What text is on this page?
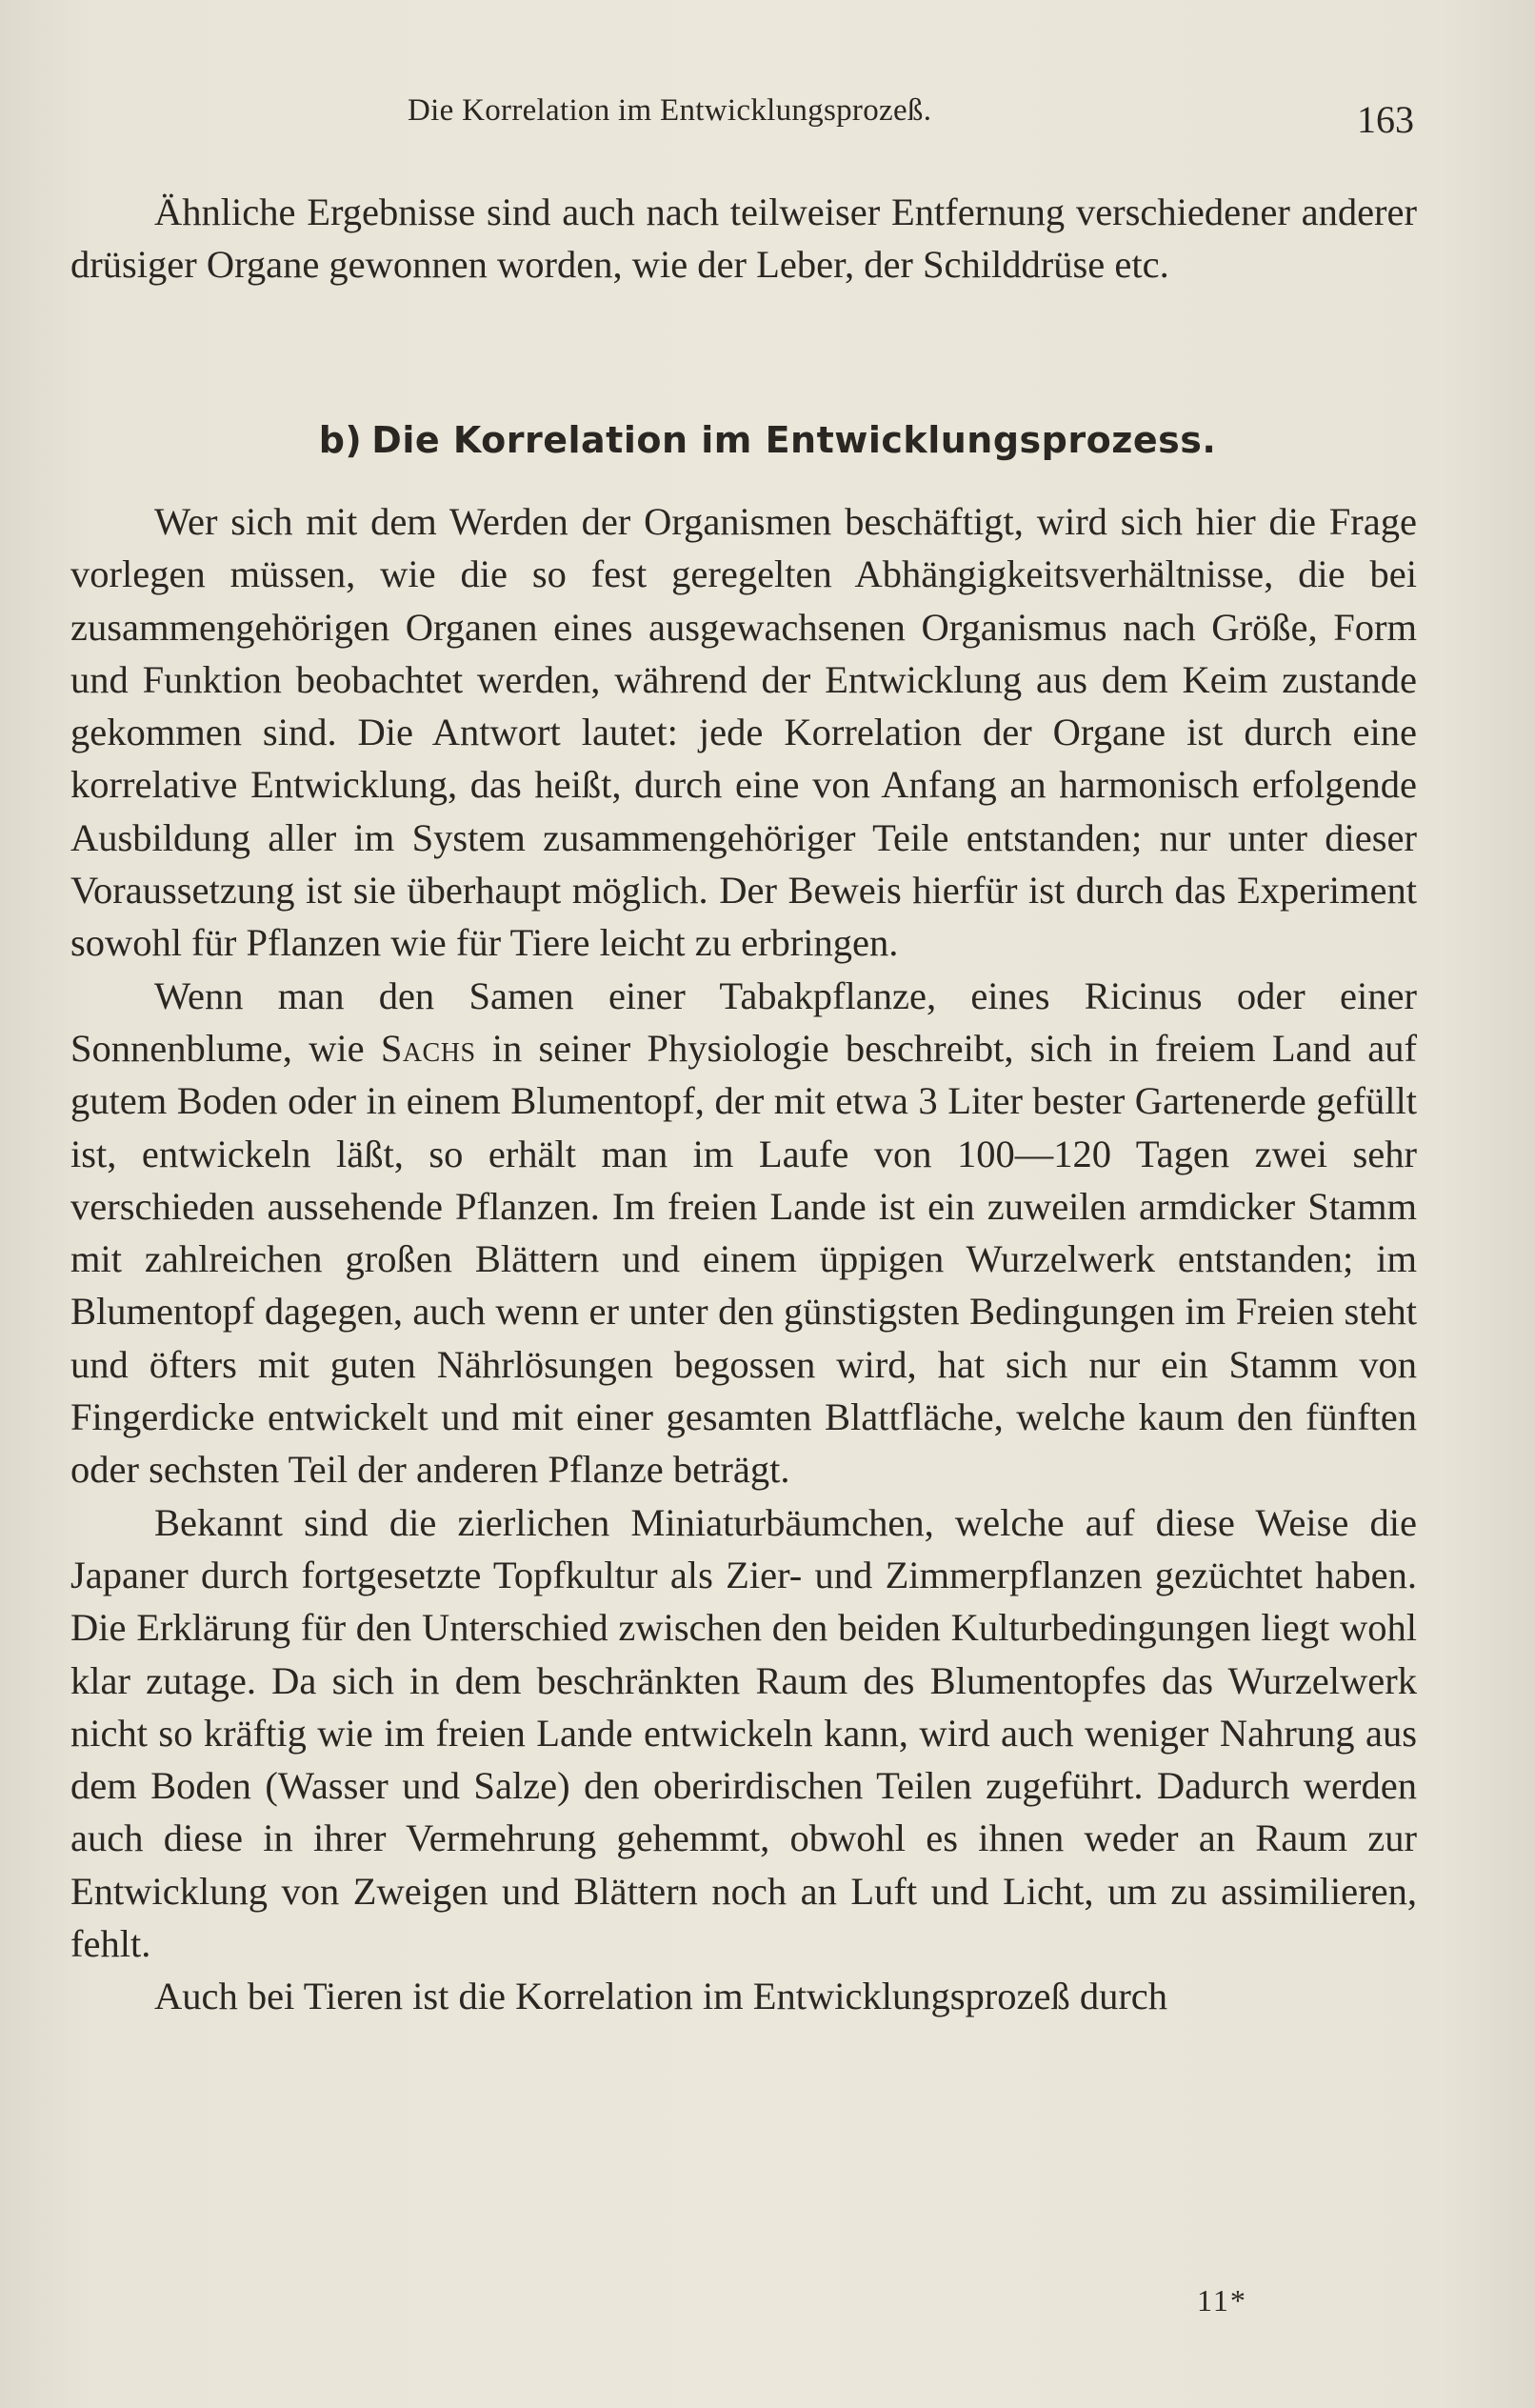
Die Korrelation im Entwicklungsprozeß.	163

Ähnliche Ergebnisse sind auch nach teilweiser Entfernung verschiedener anderer drüsiger Organe gewonnen worden, wie der Leber, der Schilddrüse etc.

b) Die Korrelation im Entwicklungsprozess.

Wer sich mit dem Werden der Organismen beschäftigt, wird sich hier die Frage vorlegen müssen, wie die so fest geregelten Abhängigkeitsverhältnisse, die bei zusammengehörigen Organen eines ausgewachsenen Organismus nach Größe, Form und Funktion beobachtet werden, während der Entwicklung aus dem Keim zustande gekommen sind. Die Antwort lautet: jede Korrelation der Organe ist durch eine korrelative Entwicklung, das heißt, durch eine von Anfang an harmonisch erfolgende Ausbildung aller im System zusammengehöriger Teile entstanden; nur unter dieser Voraussetzung ist sie überhaupt möglich. Der Beweis hierfür ist durch das Experiment sowohl für Pflanzen wie für Tiere leicht zu erbringen.

Wenn man den Samen einer Tabakpflanze, eines Ricinus oder einer Sonnenblume, wie Sachs in seiner Physiologie beschreibt, sich in freiem Land auf gutem Boden oder in einem Blumentopf, der mit etwa 3 Liter bester Gartenerde gefüllt ist, entwickeln läßt, so erhält man im Laufe von 100—120 Tagen zwei sehr verschieden aussehende Pflanzen. Im freien Lande ist ein zuweilen armdicker Stamm mit zahlreichen großen Blättern und einem üppigen Wurzelwerk entstanden; im Blumentopf dagegen, auch wenn er unter den günstigsten Bedingungen im Freien steht und öfters mit guten Nährlösungen begossen wird, hat sich nur ein Stamm von Fingerdicke entwickelt und mit einer gesamten Blattfläche, welche kaum den fünften oder sechsten Teil der anderen Pflanze beträgt.

Bekannt sind die zierlichen Miniaturbäumchen, welche auf diese Weise die Japaner durch fortgesetzte Topfkultur als Zier- und Zimmerpflanzen gezüchtet haben. Die Erklärung für den Unterschied zwischen den beiden Kulturbedingungen liegt wohl klar zutage. Da sich in dem beschränkten Raum des Blumentopfes das Wurzelwerk nicht so kräftig wie im freien Lande entwickeln kann, wird auch weniger Nahrung aus dem Boden (Wasser und Salze) den oberirdischen Teilen zugeführt. Dadurch werden auch diese in ihrer Vermehrung gehemmt, obwohl es ihnen weder an Raum zur Entwicklung von Zweigen und Blättern noch an Luft und Licht, um zu assimilieren, fehlt.

Auch bei Tieren ist die Korrelation im Entwicklungsprozeß durch

11*
